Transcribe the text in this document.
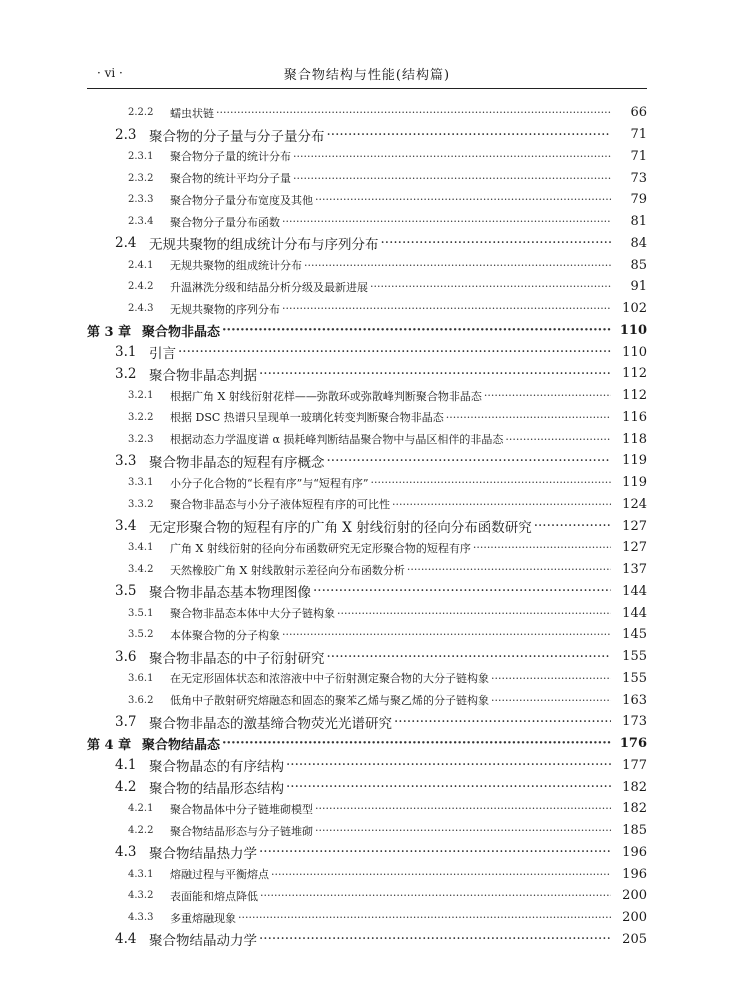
· vi ·	聚合物结构与性能(结构篇)
2.2.2	蠕虫状链 ·····	66
2.3 聚合物的分子量与分子量分布 ·····	71
2.3.1	聚合物分子量的统计分布 ·····	71
2.3.2	聚合物的统计平均分子量 ·····	73
2.3.3	聚合物分子量分布宽度及其他 ·····	79
2.3.4	聚合物分子量分布函数 ·····	81
2.4 无规共聚物的组成统计分布与序列分布 ·····	84
2.4.1	无规共聚物的组成统计分布 ·····	85
2.4.2	升温淋洗分级和结晶分析分级及最新进展 ·····	91
2.4.3	无规共聚物的序列分布 ·····	102
第 3 章 聚合物非晶态 ·····	110
3.1 引言 ·····	110
3.2 聚合物非晶态判据 ·····	112
3.2.1	根据广角 X 射线衍射花样——弥散环或弥散峰判断聚合物非晶态 ·····	112
3.2.2	根据 DSC 热谱只呈现单一玻璃化转变判断聚合物非晶态 ·····	116
3.2.3	根据动态力学温度谱 α 损耗峰判断结晶聚合物中与晶区相伴的非晶态 ·····	118
3.3 聚合物非晶态的短程有序概念 ·····	119
3.3.1	小分子化合物的“长程有序”与“短程有序” ·····	119
3.3.2	聚合物非晶态与小分子液体短程有序的可比性 ·····	124
3.4 无定形聚合物的短程有序的广角 X 射线衍射的径向分布函数研究 ·····	127
3.4.1	广角 X 射线衍射的径向分布函数研究无定形聚合物的短程有序 ·····	127
3.4.2	天然橡胶广角 X 射线散射示差径向分布函数分析 ·····	137
3.5 聚合物非晶态基本物理图像 ·····	144
3.5.1	聚合物非晶态本体中大分子链构象 ·····	144
3.5.2	本体聚合物的分子构象 ·····	145
3.6 聚合物非晶态的中子衍射研究 ·····	155
3.6.1	在无定形固体状态和浓溶液中中子衍射测定聚合物的大分子链构象 ·····	155
3.6.2	低角中子散射研究熔融态和固态的聚苯乙烯与聚乙烯的分子链构象 ·····	163
3.7 聚合物非晶态的激基缔合物荧光光谱研究 ·····	173
第 4 章 聚合物结晶态 ·····	176
4.1 聚合物晶态的有序结构 ·····	177
4.2 聚合物的结晶形态结构 ·····	182
4.2.1	聚合物晶体中分子链堆砌模型 ·····	182
4.2.2	聚合物结晶形态与分子链堆砌 ·····	185
4.3 聚合物结晶热力学 ·····	196
4.3.1	熔融过程与平衡熔点 ·····	196
4.3.2	表面能和熔点降低 ·····	200
4.3.3	多重熔融现象 ·····	200
4.4 聚合物结晶动力学 ·····	205
